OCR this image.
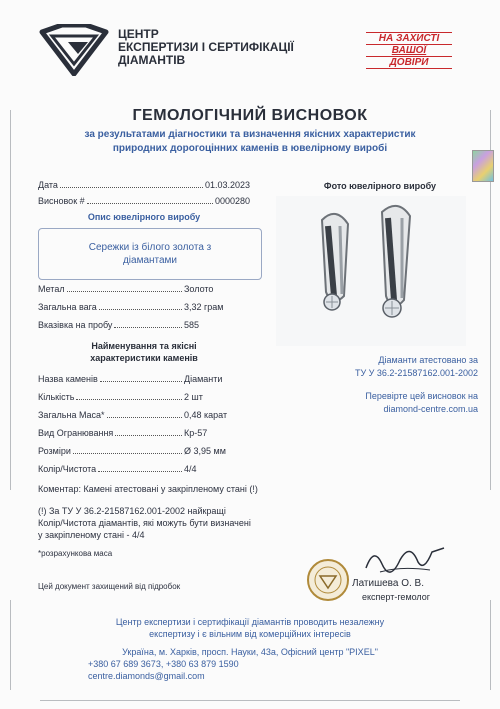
ЦЕНТР
ЕКСПЕРТИЗИ І СЕРТИФІКАЦІЇ
ДІАМАНТІВ
НА ЗАХИСТІ
ВАШОЇ
ДОВІРИ
ГЕМОЛОГІЧНИЙ ВИСНОВОК
за результатами діагностики та визначення якісних характеристик
природних дорогоцінних каменів в ювелірному виробі
Дата	01.03.2023
Висновок #	0000280
Опис ювелірного виробу
Сережки із білого золота з
діамантами
Метал	Золото
Загальна вага	3,32 грам
Вказівка на пробу	585
Найменування та якісні
характеристики каменів
Назва каменів	Діаманти
Кількість	2 шт
Загальна Маса*	0,48 карат
Вид Огранювання	Кр-57
Розміри	Ø 3,95 мм
Колір/Чистота	4/4
Фото ювелірного виробу
Діаманти атестовано за
ТУ У 36.2-21587162.001-2002
Перевірте цей висновок на
diamond-centre.com.ua
Коментар: Камені атестовані у закріпленому стані (!)
(!) За ТУ У 36.2-21587162.001-2002 найкращі
Колір/Чистота діамантів, які можуть бути визначені
у закріпленому стані - 4/4
*розрахункова маса
Цей документ захищений від підробок	Латишева О. В.
експерт-гемолог
Центр експертизи і сертифікації діамантів проводить незалежну
експертизу і є вільним від комерційних інтересів
Україна, м. Харків, просп. Науки, 43а, Офісний центр "PIXEL"
+380 67 689 3673, +380 63 879 1590
centre.diamonds@gmail.com
